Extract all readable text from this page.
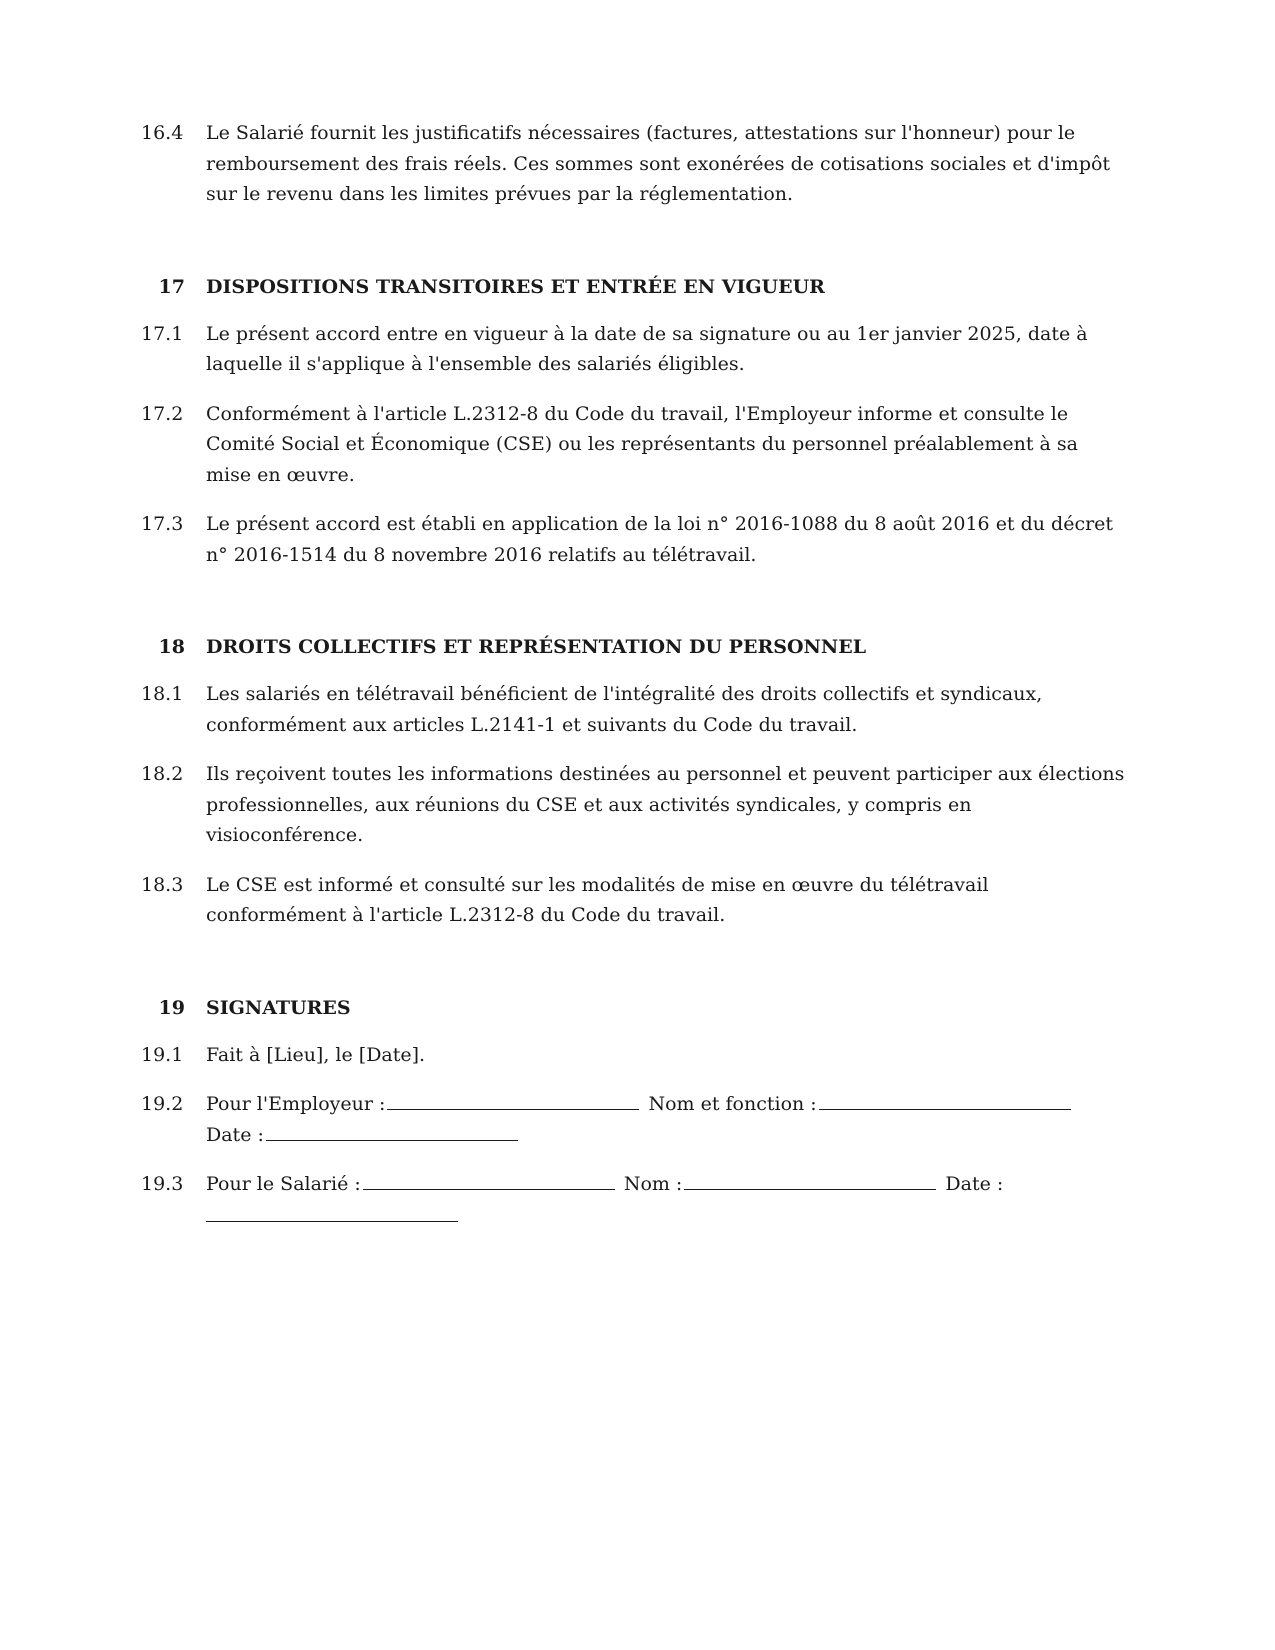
16.4	Le Salarié fournit les justificatifs nécessaires (factures, attestations sur l'honneur) pour le remboursement des frais réels. Ces sommes sont exonérées de cotisations sociales et d'impôt sur le revenu dans les limites prévues par la réglementation.
17	DISPOSITIONS TRANSITOIRES ET ENTRÉE EN VIGUEUR
17.1	Le présent accord entre en vigueur à la date de sa signature ou au 1er janvier 2025, date à laquelle il s'applique à l'ensemble des salariés éligibles.
17.2	Conformément à l'article L.2312-8 du Code du travail, l'Employeur informe et consulte le Comité Social et Économique (CSE) ou les représentants du personnel préalablement à sa mise en œuvre.
17.3	Le présent accord est établi en application de la loi n° 2016-1088 du 8 août 2016 et du décret n° 2016-1514 du 8 novembre 2016 relatifs au télétravail.
18	DROITS COLLECTIFS ET REPRÉSENTATION DU PERSONNEL
18.1	Les salariés en télétravail bénéficient de l'intégralité des droits collectifs et syndicaux, conformément aux articles L.2141-1 et suivants du Code du travail.
18.2	Ils reçoivent toutes les informations destinées au personnel et peuvent participer aux élections professionnelles, aux réunions du CSE et aux activités syndicales, y compris en visioconférence.
18.3	Le CSE est informé et consulté sur les modalités de mise en œuvre du télétravail conformément à l'article L.2312-8 du Code du travail.
19	SIGNATURES
19.1	Fait à [Lieu], le [Date].
19.2	Pour l'Employeur :	Nom et fonction :
Date :
19.3	Pour le Salarié :	Nom :	Date :
